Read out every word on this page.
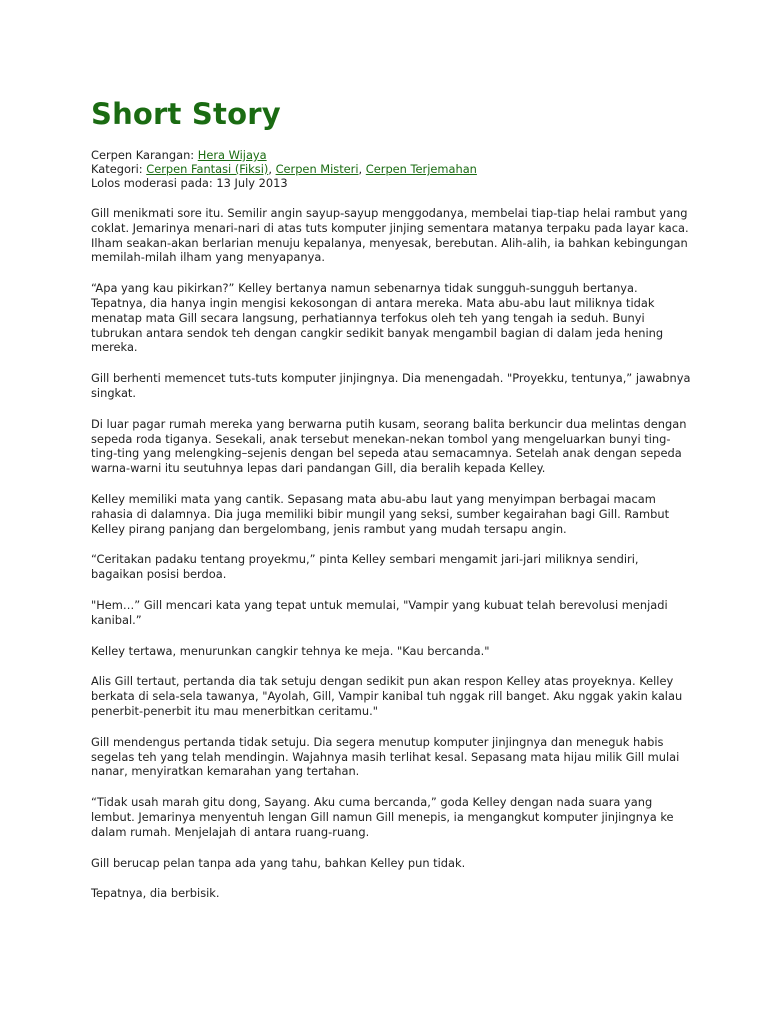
Short Story
Cerpen Karangan: Hera Wijaya
Kategori: Cerpen Fantasi (Fiksi), Cerpen Misteri, Cerpen Terjemahan
Lolos moderasi pada: 13 July 2013

Gill menikmati sore itu. Semilir angin sayup-sayup menggodanya, membelai tiap-tiap helai rambut yang coklat. Jemarinya menari-nari di atas tuts komputer jinjing sementara matanya terpaku pada layar kaca. Ilham seakan-akan berlarian menuju kepalanya, menyesak, berebutan. Alih-alih, ia bahkan kebingungan memilah-milah ilham yang menyapanya.

“Apa yang kau pikirkan?” Kelley bertanya namun sebenarnya tidak sungguh-sungguh bertanya. Tepatnya, dia hanya ingin mengisi kekosongan di antara mereka. Mata abu-abu laut miliknya tidak menatap mata Gill secara langsung, perhatiannya terfokus oleh teh yang tengah ia seduh. Bunyi tubrukan antara sendok teh dengan cangkir sedikit banyak mengambil bagian di dalam jeda hening mereka.

Gill berhenti memencet tuts-tuts komputer jinjingnya. Dia menengadah. "Proyekku, tentunya,” jawabnya singkat.

Di luar pagar rumah mereka yang berwarna putih kusam, seorang balita berkuncir dua melintas dengan sepeda roda tiganya. Sesekali, anak tersebut menekan-nekan tombol yang mengeluarkan bunyi ting-ting-ting yang melengking–sejenis dengan bel sepeda atau semacamnya. Setelah anak dengan sepeda warna-warni itu seutuhnya lepas dari pandangan Gill, dia beralih kepada Kelley.

Kelley memiliki mata yang cantik. Sepasang mata abu-abu laut yang menyimpan berbagai macam rahasia di dalamnya. Dia juga memiliki bibir mungil yang seksi, sumber kegairahan bagi Gill. Rambut Kelley pirang panjang dan bergelombang, jenis rambut yang mudah tersapu angin.

“Ceritakan padaku tentang proyekmu,” pinta Kelley sembari mengamit jari-jari miliknya sendiri, bagaikan posisi berdoa.

"Hem…” Gill mencari kata yang tepat untuk memulai, "Vampir yang kubuat telah berevolusi menjadi kanibal.”

Kelley tertawa, menurunkan cangkir tehnya ke meja. "Kau bercanda."

Alis Gill tertaut, pertanda dia tak setuju dengan sedikit pun akan respon Kelley atas proyeknya. Kelley berkata di sela-sela tawanya, "Ayolah, Gill, Vampir kanibal tuh nggak rill banget. Aku nggak yakin kalau penerbit-penerbit itu mau menerbitkan ceritamu."

Gill mendengus pertanda tidak setuju. Dia segera menutup komputer jinjingnya dan meneguk habis segelas teh yang telah mendingin. Wajahnya masih terlihat kesal. Sepasang mata hijau milik Gill mulai nanar, menyiratkan kemarahan yang tertahan.

“Tidak usah marah gitu dong, Sayang. Aku cuma bercanda,” goda Kelley dengan nada suara yang lembut. Jemarinya menyentuh lengan Gill namun Gill menepis, ia mengangkut komputer jinjingnya ke dalam rumah. Menjelajah di antara ruang-ruang.

Gill berucap pelan tanpa ada yang tahu, bahkan Kelley pun tidak.

Tepatnya, dia berbisik.
